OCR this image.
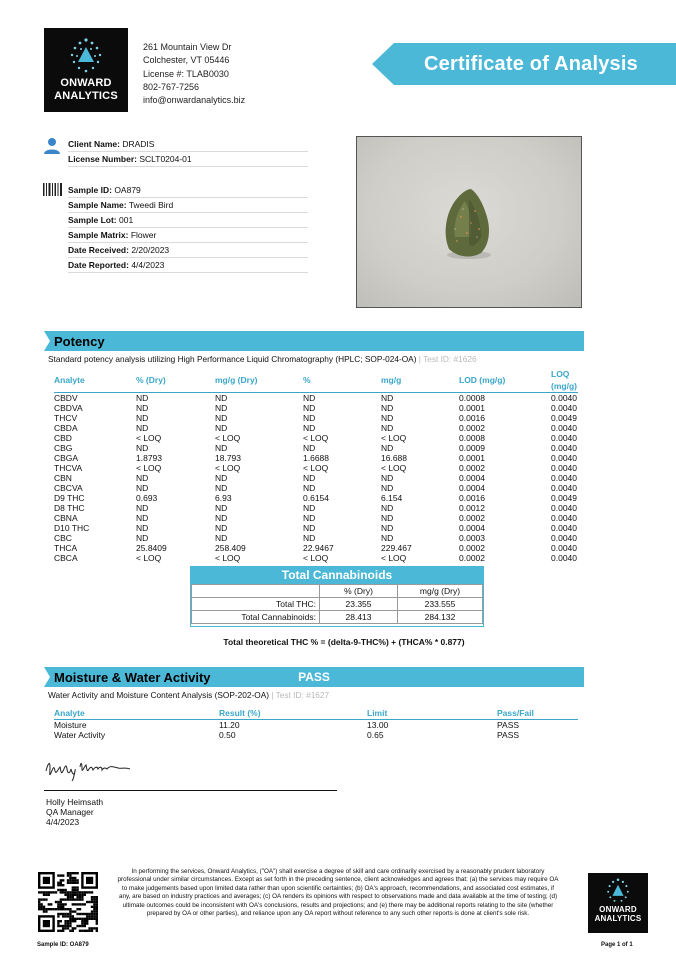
ONWARD
ANALYTICS
261 Mountain View Dr
Colchester, VT 05446
License #: TLAB0030
802-767-7256
info@onwardanalytics.biz
Certificate of Analysis
Client Name: DRADIS
License Number: SCLT0204-01
Sample ID: OA879
Sample Name: Tweedi Bird
Sample Lot: 001
Sample Matrix: Flower
Date Received: 2/20/2023
Date Reported: 4/4/2023
Potency
Standard potency analysis utilizing High Performance Liquid Chromatography (HPLC; SOP-024-OA) | Test ID: #1626
Analyte	% (Dry)	mg/g (Dry)	%	mg/g	LOD (mg/g)	LOQ (mg/g)
CBDV	ND	ND	ND	ND	0.0008	0.0040
CBDVA	ND	ND	ND	ND	0.0001	0.0040
THCV	ND	ND	ND	ND	0.0016	0.0049
CBDA	ND	ND	ND	ND	0.0002	0.0040
CBD	< LOQ	< LOQ	< LOQ	< LOQ	0.0008	0.0040
CBG	ND	ND	ND	ND	0.0009	0.0040
CBGA	1.8793	18.793	1.6688	16.688	0.0001	0.0040
THCVA	< LOQ	< LOQ	< LOQ	< LOQ	0.0002	0.0040
CBN	ND	ND	ND	ND	0.0004	0.0040
CBCVA	ND	ND	ND	ND	0.0004	0.0040
D9 THC	0.693	6.93	0.6154	6.154	0.0016	0.0049
D8 THC	ND	ND	ND	ND	0.0012	0.0040
CBNA	ND	ND	ND	ND	0.0002	0.0040
D10 THC	ND	ND	ND	ND	0.0004	0.0040
CBC	ND	ND	ND	ND	0.0003	0.0040
THCA	25.8409	258.409	22.9467	229.467	0.0002	0.0040
CBCA	< LOQ	< LOQ	< LOQ	< LOQ	0.0002	0.0040
Total Cannabinoids
	% (Dry)	mg/g (Dry)
Total THC:	23.355	233.555
Total Cannabinoids:	28.413	284.132
Total theoretical THC % = (delta-9-THC%) + (THCA% * 0.877)
Moisture & Water Activity	PASS
Water Activity and Moisture Content Analysis (SOP-202-OA) | Test ID: #1627
Analyte	Result (%)	Limit	Pass/Fail
Moisture	11.20	13.00	PASS
Water Activity	0.50	0.65	PASS
Holly Heimsath
QA Manager
4/4/2023
Sample ID: OA879
In performing the services, Onward Analytics, ("OA") shall exercise a degree of skill and care ordinarily exercised by a reasonably prudent laboratory professional under similar circumstances. Except as set forth in the preceding sentence, client acknowledges and agrees that: (a) the services may require OA to make judgements based upon limited data rather than upon scientific certainties; (b) OA's approach, recommendations, and associated cost estimates, if any, are based on industry practices and averages; (c) OA renders its opinions with respect to observations made and data available at the time of testing; (d) ultimate outcomes could be inconsistent with OA's conclusions, results and projections; and (e) there may be additional reports relating to the site (whether prepared by OA or other parties), and reliance upon any OA report without reference to any such other reports is done at client's sole risk.	ONWARD
ANALYTICS
Page 1 of 1
